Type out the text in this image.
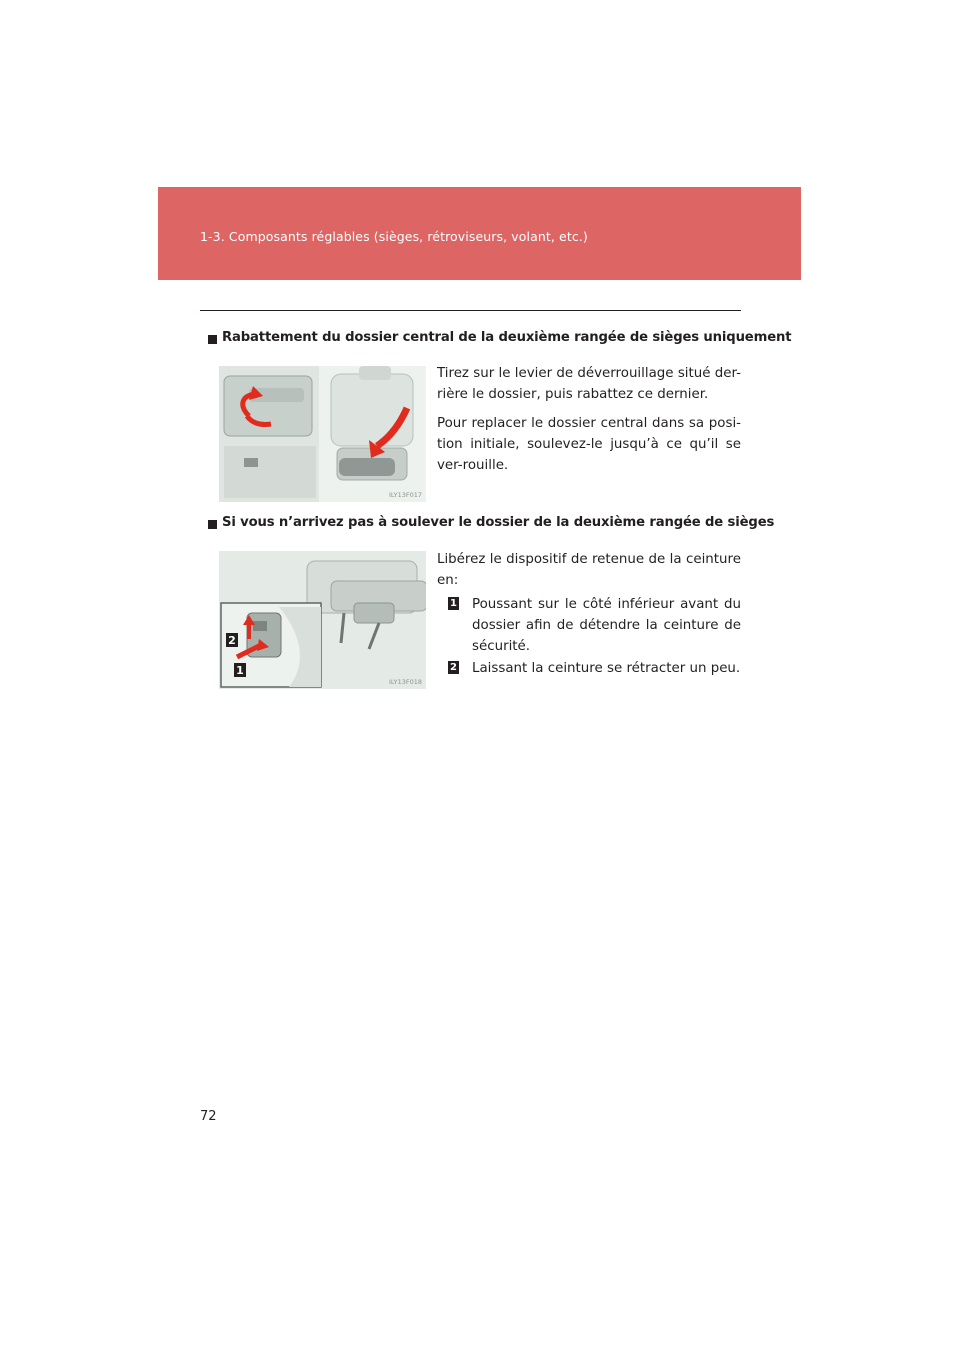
1-3. Composants réglables (sièges, rétroviseurs, volant, etc.)
Rabattement du dossier central de la deuxième rangée de sièges uniquement
ILY13F017

Tirez sur le levier de déverrouillage situé der-rière le dossier, puis rabattez ce dernier.

Pour replacer le dossier central dans sa posi-tion initiale, soulevez-le jusqu’à ce qu’il se ver-rouille.

Si vous n’arrivez pas à soulever le dossier de la deuxième rangée de sièges
2
1
ILY13F018

Libérez le dispositif de retenue de la ceinture en:

1 Poussant sur le côté inférieur avant du dossier afin de détendre la ceinture de sécurité.
2 Laissant la ceinture se rétracter un peu.
72
